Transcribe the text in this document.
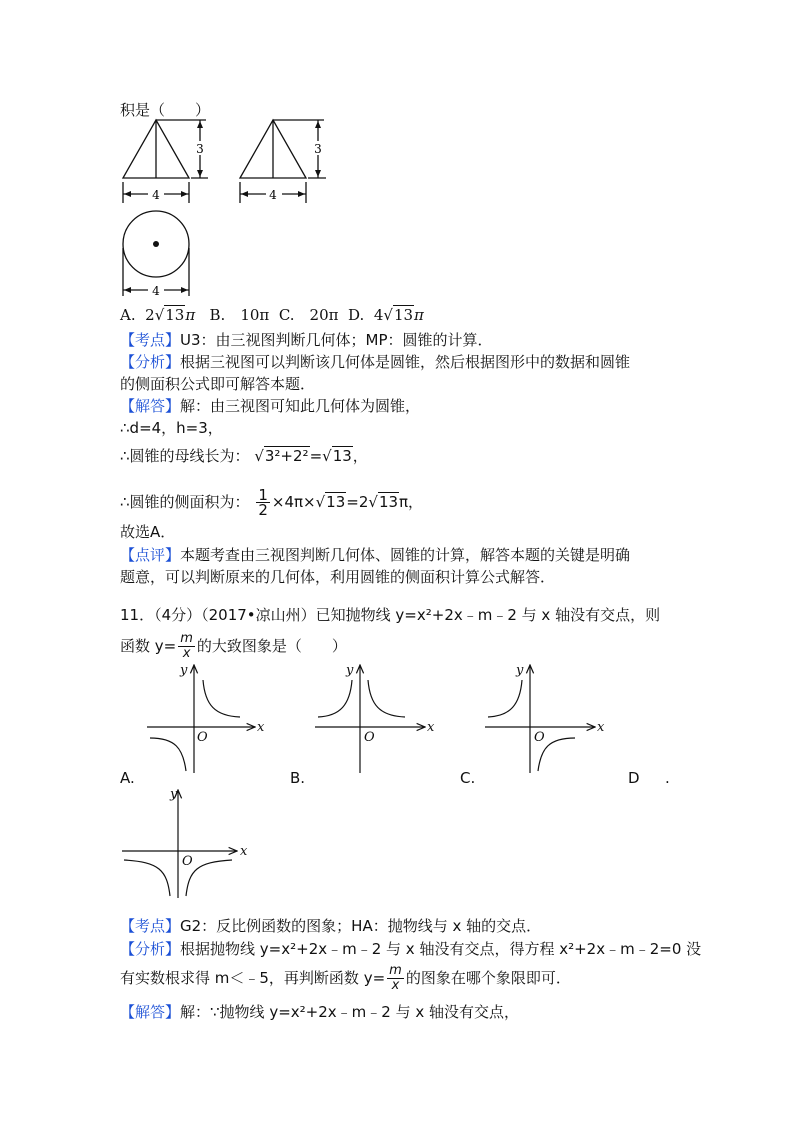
积是（　　）
3
4
3
4
4
A. 2√13π B.　10π C.　20π D. 4√13π
【考点】U3：由三视图判断几何体；MP：圆锥的计算．
【分析】根据三视图可以判断该几何体是圆锥，然后根据图形中的数据和圆锥
的侧面积公式即可解答本题．
【解答】解：由三视图可知此几何体为圆锥，
∴d=4，h=3，
∴圆锥的母线长为： √3²+2²=√13，
∴圆锥的侧面积为： $\frac{1}{2} \times 4\pi\times√13=2√13\pi$，
故选A．
【点评】本题考查由三视图判断几何体、圆锥的计算，解答本题的关键是明确
题意，可以判断原来的几何体，利用圆锥的侧面积计算公式解答．
11．（4分）（2017•凉山州）已知抛物线 y=x²+2x﹣m﹣2 与 x 轴没有交点，则
函数 $y= \frac{m}{x}$ 的大致图象是（　　）
y
x
O
y
x
O
y
x
O
y
x
O
A.	B.	C.	D .
【考点】G2：反比例函数的图象；HA：抛物线与 x 轴的交点．
【分析】根据抛物线 y=x²+2x﹣m﹣2 与 x 轴没有交点，得方程 x²+2x﹣m﹣2=0 没
有实数根求得 m＜﹣5，再判断函数 $y= \frac{m}{x}$ 的图象在哪个象限即可．
【解答】解：∵抛物线 y=x²+2x﹣m﹣2 与 x 轴没有交点，
